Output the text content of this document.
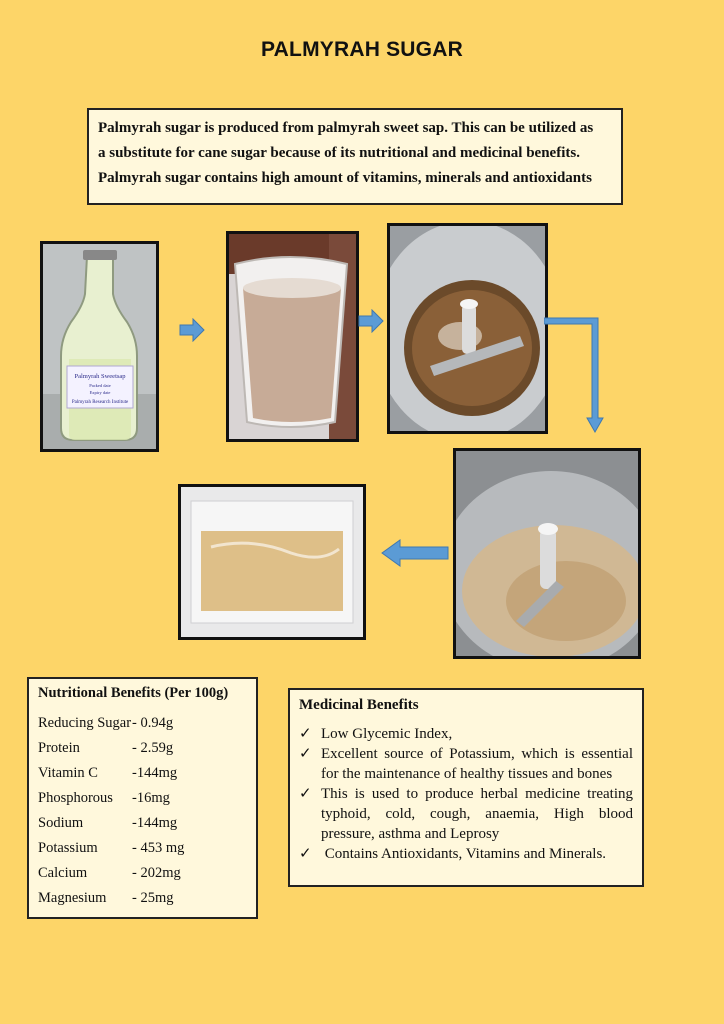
PALMYRAH SUGAR
Palmyrah sugar is produced from palmyrah sweet sap. This can be utilized as
a substitute for cane sugar because of its nutritional and medicinal benefits.
Palmyrah sugar contains high amount of vitamins, minerals and antioxidants
Palmyrah Sweetsap
Packed date
Expiry date
Palmyrah Research Institute
Nutritional Benefits (Per 100g)
Reducing Sugar - 0.94g
Protein	- 2.59g
Vitamin C	-144mg
Phosphorous	-16mg
Sodium	-144mg
Potassium	- 453 mg
Calcium	- 202mg
Magnesium	- 25mg
Medicinal Benefits
✓ Low Glycemic Index,
✓ Excellent source of Potassium, which is essential for the maintenance of healthy tissues and bones
✓ This is used to produce herbal medicine treating typhoid, cold, cough, anaemia, High blood pressure, asthma and Leprosy
✓ Contains Antioxidants, Vitamins and Minerals.
